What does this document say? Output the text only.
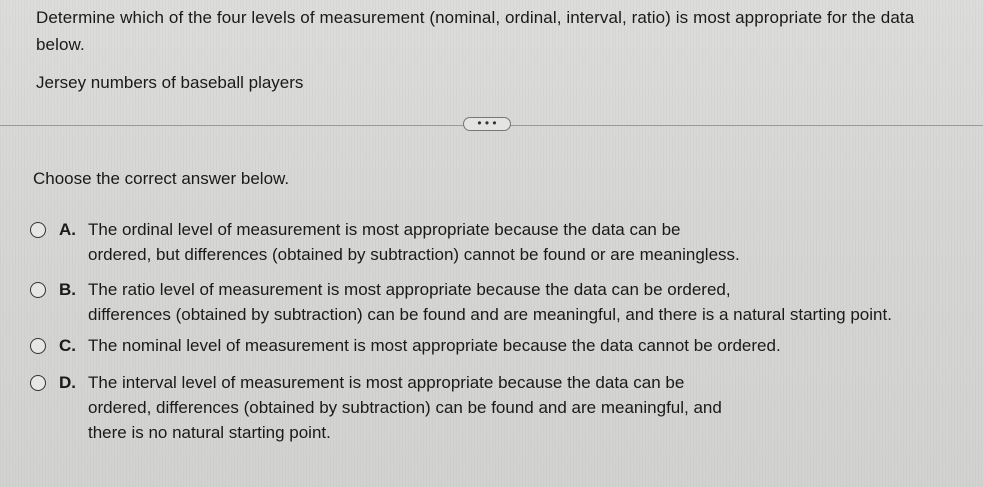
Determine which of the four levels of measurement (nominal, ordinal, interval, ratio) is most appropriate for the data
below.
Jersey numbers of baseball players
• • •
Choose the correct answer below.
A. The ordinal level of measurement is most appropriate because the data can be
ordered, but differences (obtained by subtraction) cannot be found or are meaningless.
B. The ratio level of measurement is most appropriate because the data can be ordered,
differences (obtained by subtraction) can be found and are meaningful, and there is a natural starting point.
C. The nominal level of measurement is most appropriate because the data cannot be ordered.
D. The interval level of measurement is most appropriate because the data can be
ordered, differences (obtained by subtraction) can be found and are meaningful, and
there is no natural starting point.
